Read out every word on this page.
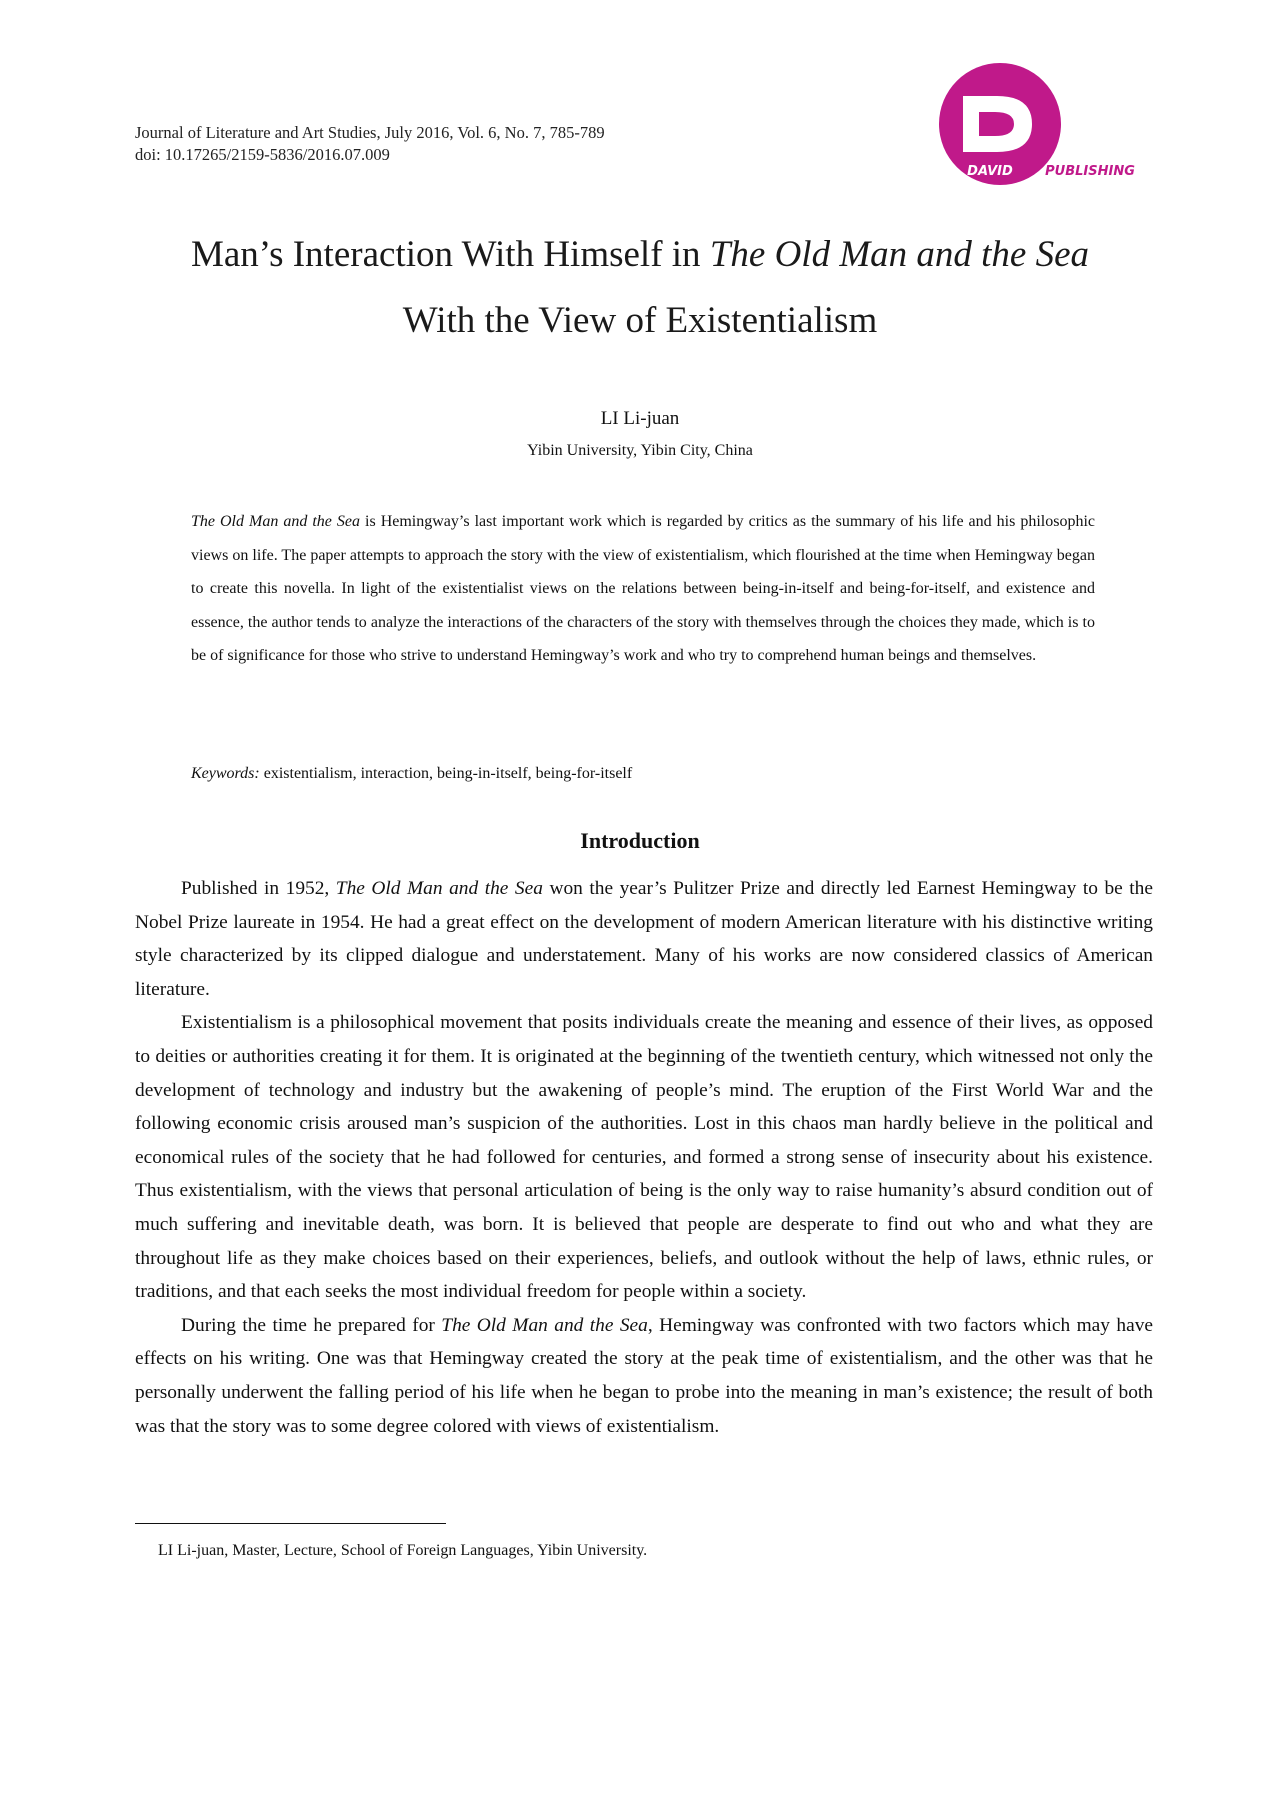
Journal of Literature and Art Studies, July 2016, Vol. 6, No. 7, 785-789
doi: 10.17265/2159-5836/2016.07.009
DAVID PUBLISHING
Man’s Interaction With Himself in The Old Man and the Sea
With the View of Existentialism
LI Li-juan
Yibin University, Yibin City, China
The Old Man and the Sea is Hemingway’s last important work which is regarded by critics as the summary of his life and his philosophic views on life. The paper attempts to approach the story with the view of existentialism, which flourished at the time when Hemingway began to create this novella. In light of the existentialist views on the relations between being-in-itself and being-for-itself, and existence and essence, the author tends to analyze the interactions of the characters of the story with themselves through the choices they made, which is to be of significance for those who strive to understand Hemingway’s work and who try to comprehend human beings and themselves.
Keywords: existentialism, interaction, being-in-itself, being-for-itself
Introduction

Published in 1952, The Old Man and the Sea won the year’s Pulitzer Prize and directly led Earnest Hemingway to be the Nobel Prize laureate in 1954. He had a great effect on the development of modern American literature with his distinctive writing style characterized by its clipped dialogue and understatement. Many of his works are now considered classics of American literature.

Existentialism is a philosophical movement that posits individuals create the meaning and essence of their lives, as opposed to deities or authorities creating it for them. It is originated at the beginning of the twentieth century, which witnessed not only the development of technology and industry but the awakening of people’s mind. The eruption of the First World War and the following economic crisis aroused man’s suspicion of the authorities. Lost in this chaos man hardly believe in the political and economical rules of the society that he had followed for centuries, and formed a strong sense of insecurity about his existence. Thus existentialism, with the views that personal articulation of being is the only way to raise humanity’s absurd condition out of much suffering and inevitable death, was born. It is believed that people are desperate to find out who and what they are throughout life as they make choices based on their experiences, beliefs, and outlook without the help of laws, ethnic rules, or traditions, and that each seeks the most individual freedom for people within a society.

During the time he prepared for The Old Man and the Sea, Hemingway was confronted with two factors which may have effects on his writing. One was that Hemingway created the story at the peak time of existentialism, and the other was that he personally underwent the falling period of his life when he began to probe into the meaning in man’s existence; the result of both was that the story was to some degree colored with views of existentialism.

LI Li-juan, Master, Lecture, School of Foreign Languages, Yibin University.
